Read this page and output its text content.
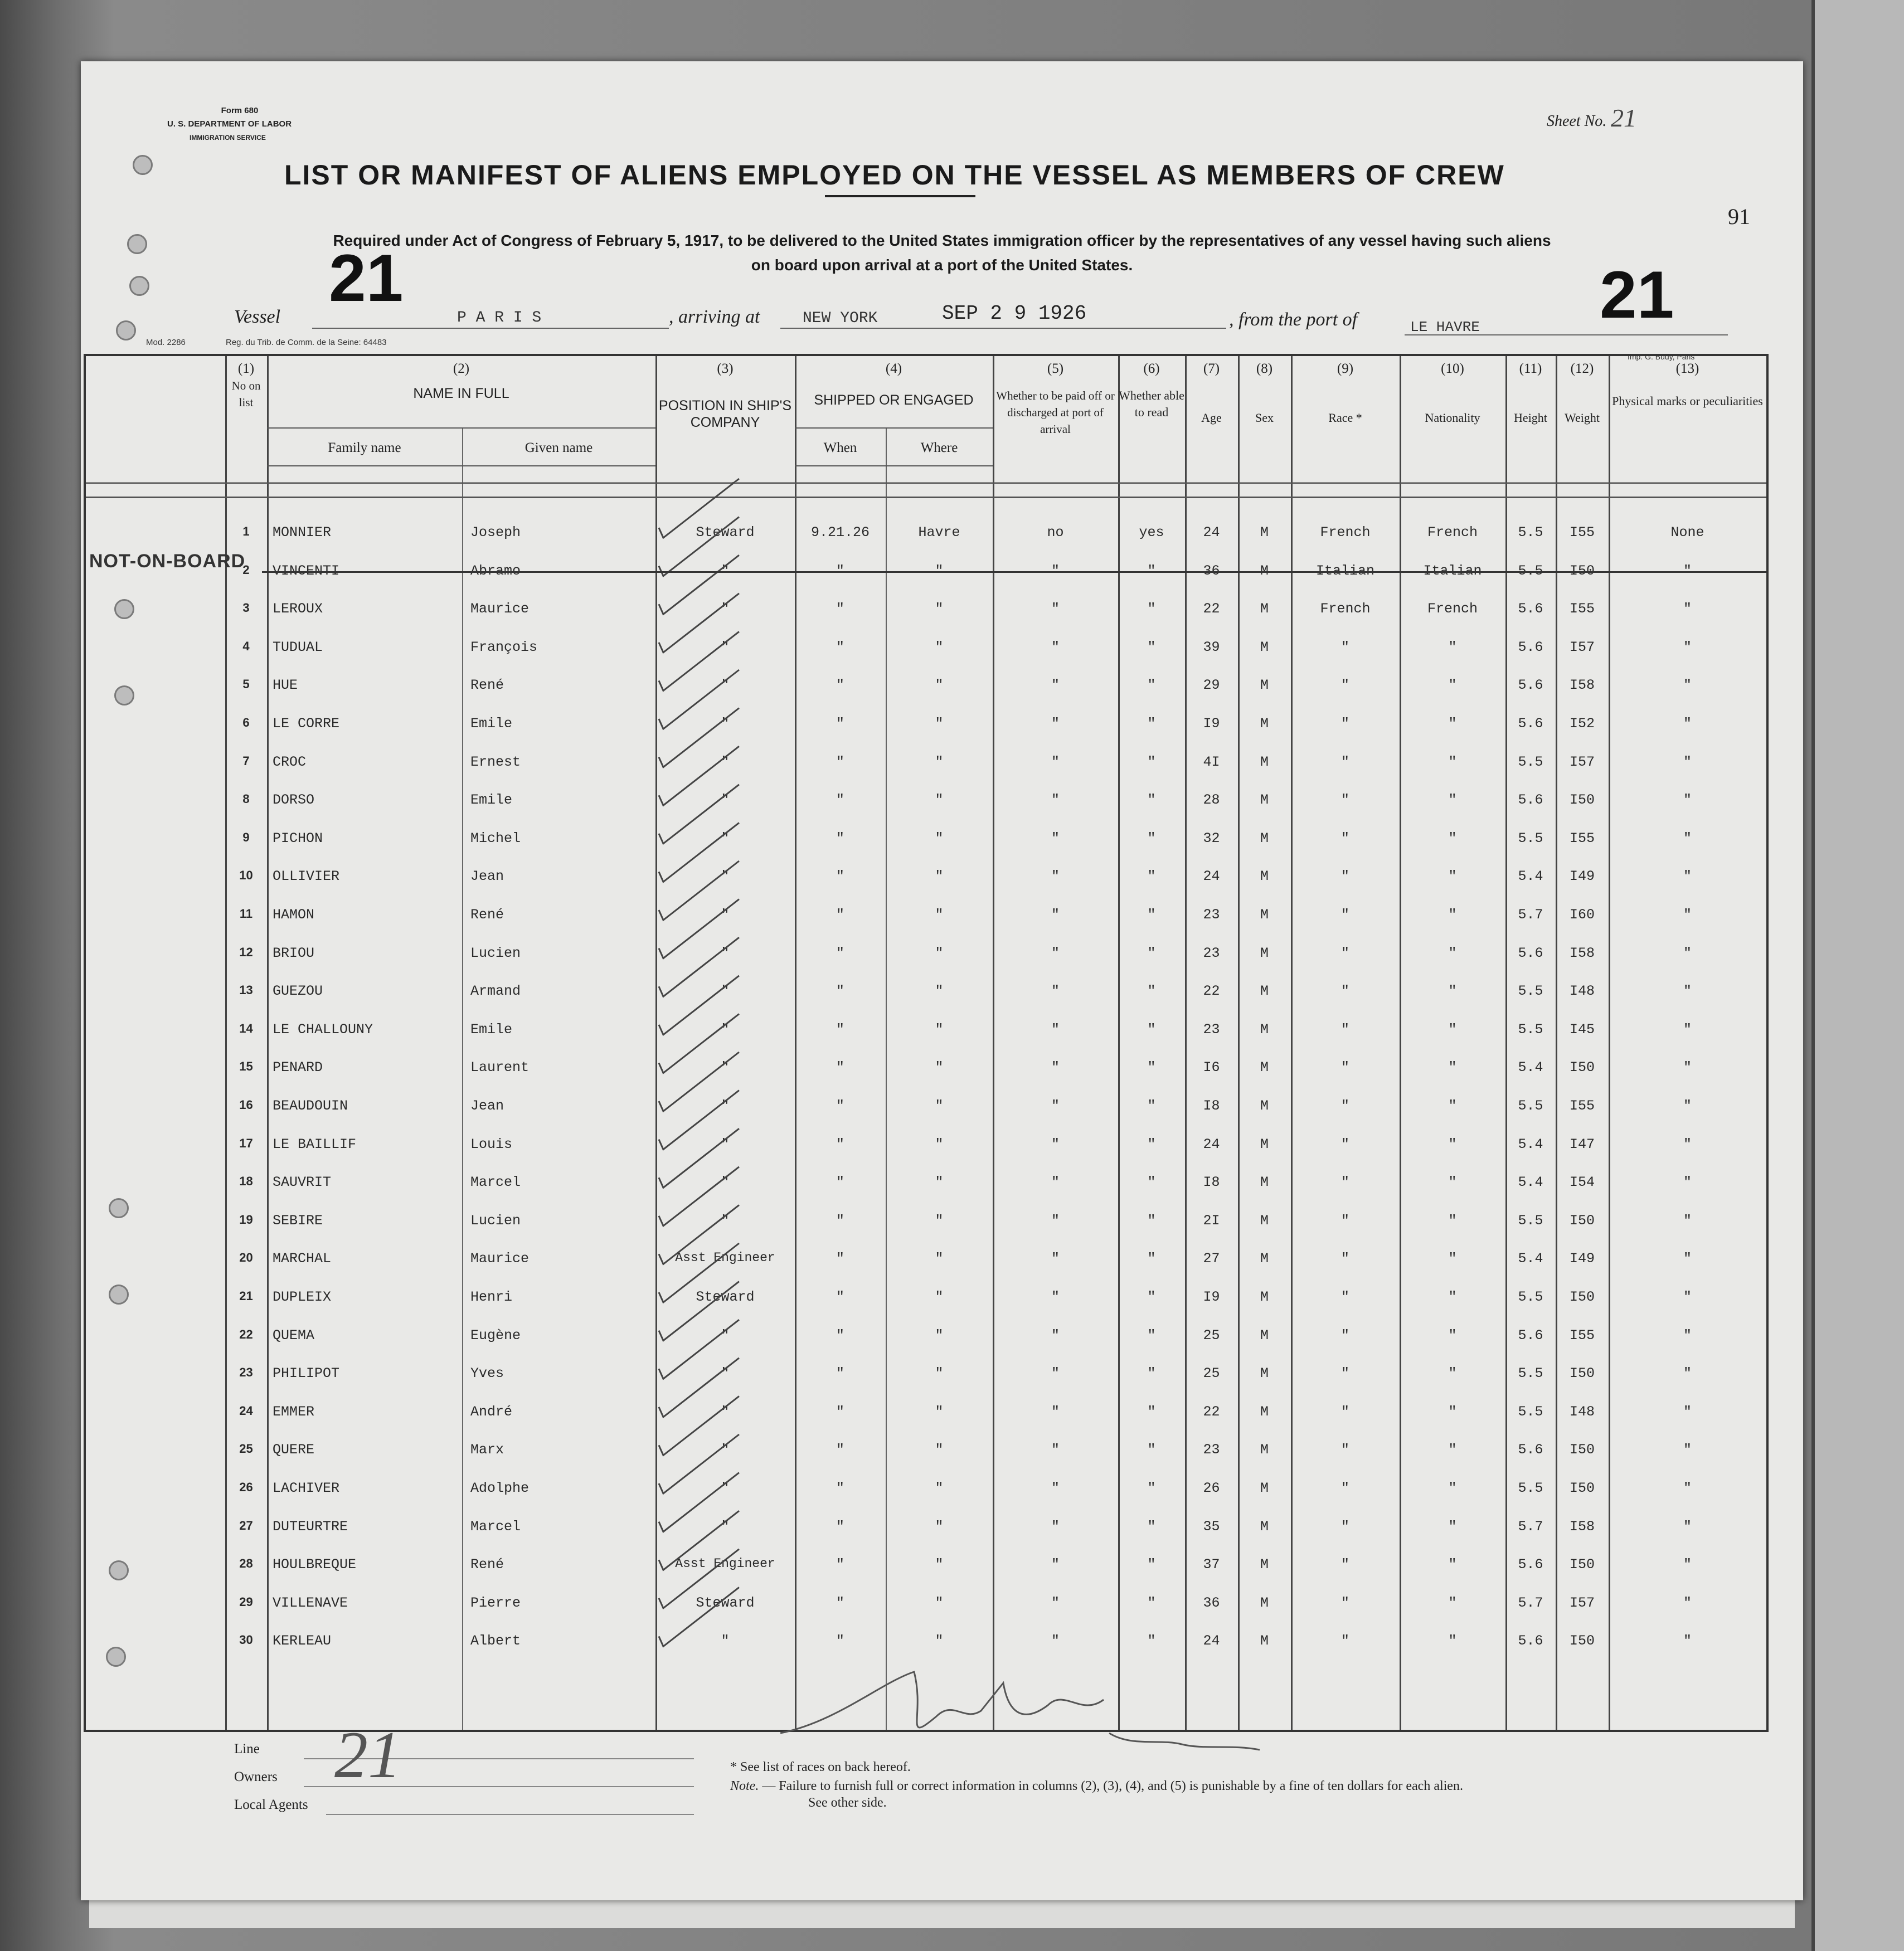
Form 680
U. S. DEPARTMENT OF LABOR
IMMIGRATION SERVICE
Sheet No. 21
91
LIST OR MANIFEST OF ALIENS EMPLOYED ON THE VESSEL AS MEMBERS OF CREW
Required under Act of Congress of February 5, 1917, to be delivered to the United States immigration officer by the representatives of any vessel having such aliens
on board upon arrival at a port of the United States.
21	21
Vessel	P A R I S	, arriving at	NEW YORK	SEP 2 9 1926	, from the port of	LE HAVRE
Mod. 2286	Reg. du Trib. de Comm. de la Seine: 64483
Imp. G. Budy, Paris
(1)
No on list
(2)
NAME IN FULL
Family name	Given name
(3)
POSITION IN SHIP'S COMPANY
(4)
SHIPPED OR ENGAGED
When	Where
(5)
Whether to be paid off or discharged at port of arrival
(6)
Whether able to read
(7)
Age
(8)
Sex
(9)
Race *
(10)
Nationality
(11)
Height
(12)
Weight
(13)
Physical marks or peculiarities
1	MONNIER	Joseph	Steward	9.21.26	Havre	no	yes	24	M	French	French	5.5	I55	None
2	VINCENTI	Abramo	"	"	"	"	"	36	M	Italian	Italian	5.5	I50	"
3	LEROUX	Maurice	"	"	"	"	"	22	M	French	French	5.6	I55	"
4	TUDUAL	François	"	"	"	"	"	39	M	"	"	5.6	I57	"
5	HUE	René	"	"	"	"	"	29	M	"	"	5.6	I58	"
6	LE CORRE	Emile	"	"	"	"	"	I9	M	"	"	5.6	I52	"
7	CROC	Ernest	"	"	"	"	"	4I	M	"	"	5.5	I57	"
8	DORSO	Emile	"	"	"	"	"	28	M	"	"	5.6	I50	"
9	PICHON	Michel	"	"	"	"	"	32	M	"	"	5.5	I55	"
10	OLLIVIER	Jean	"	"	"	"	"	24	M	"	"	5.4	I49	"
11	HAMON	René	"	"	"	"	"	23	M	"	"	5.7	I60	"
12	BRIOU	Lucien	"	"	"	"	"	23	M	"	"	5.6	I58	"
13	GUEZOU	Armand	"	"	"	"	"	22	M	"	"	5.5	I48	"
14	LE CHALLOUNY	Emile	"	"	"	"	"	23	M	"	"	5.5	I45	"
15	PENARD	Laurent	"	"	"	"	"	I6	M	"	"	5.4	I50	"
16	BEAUDOUIN	Jean	"	"	"	"	"	I8	M	"	"	5.5	I55	"
17	LE BAILLIF	Louis	"	"	"	"	"	24	M	"	"	5.4	I47	"
18	SAUVRIT	Marcel	"	"	"	"	"	I8	M	"	"	5.4	I54	"
19	SEBIRE	Lucien	"	"	"	"	"	2I	M	"	"	5.5	I50	"
20	MARCHAL	Maurice	Asst Engineer	"	"	"	"	27	M	"	"	5.4	I49	"
21	DUPLEIX	Henri	Steward	"	"	"	"	I9	M	"	"	5.5	I50	"
22	QUEMA	Eugène	"	"	"	"	"	25	M	"	"	5.6	I55	"
23	PHILIPOT	Yves	"	"	"	"	"	25	M	"	"	5.5	I50	"
24	EMMER	André	"	"	"	"	"	22	M	"	"	5.5	I48	"
25	QUERE	Marx	"	"	"	"	"	23	M	"	"	5.6	I50	"
26	LACHIVER	Adolphe	"	"	"	"	"	26	M	"	"	5.5	I50	"
27	DUTEURTRE	Marcel	"	"	"	"	"	35	M	"	"	5.7	I58	"
28	HOULBREQUE	René	Asst Engineer	"	"	"	"	37	M	"	"	5.6	I50	"
29	VILLENAVE	Pierre	Steward	"	"	"	"	36	M	"	"	5.7	I57	"
30	KERLEAU	Albert	"	"	"	"	"	24	M	"	"	5.6	I50	"
NOT-ON-BOARD
Line
Owners
Local Agents
21	* See list of races on back hereof.
Note. — Failure to furnish full or correct information in columns (2), (3), (4), and (5) is punishable by a fine of ten dollars for each alien.
See other side.
